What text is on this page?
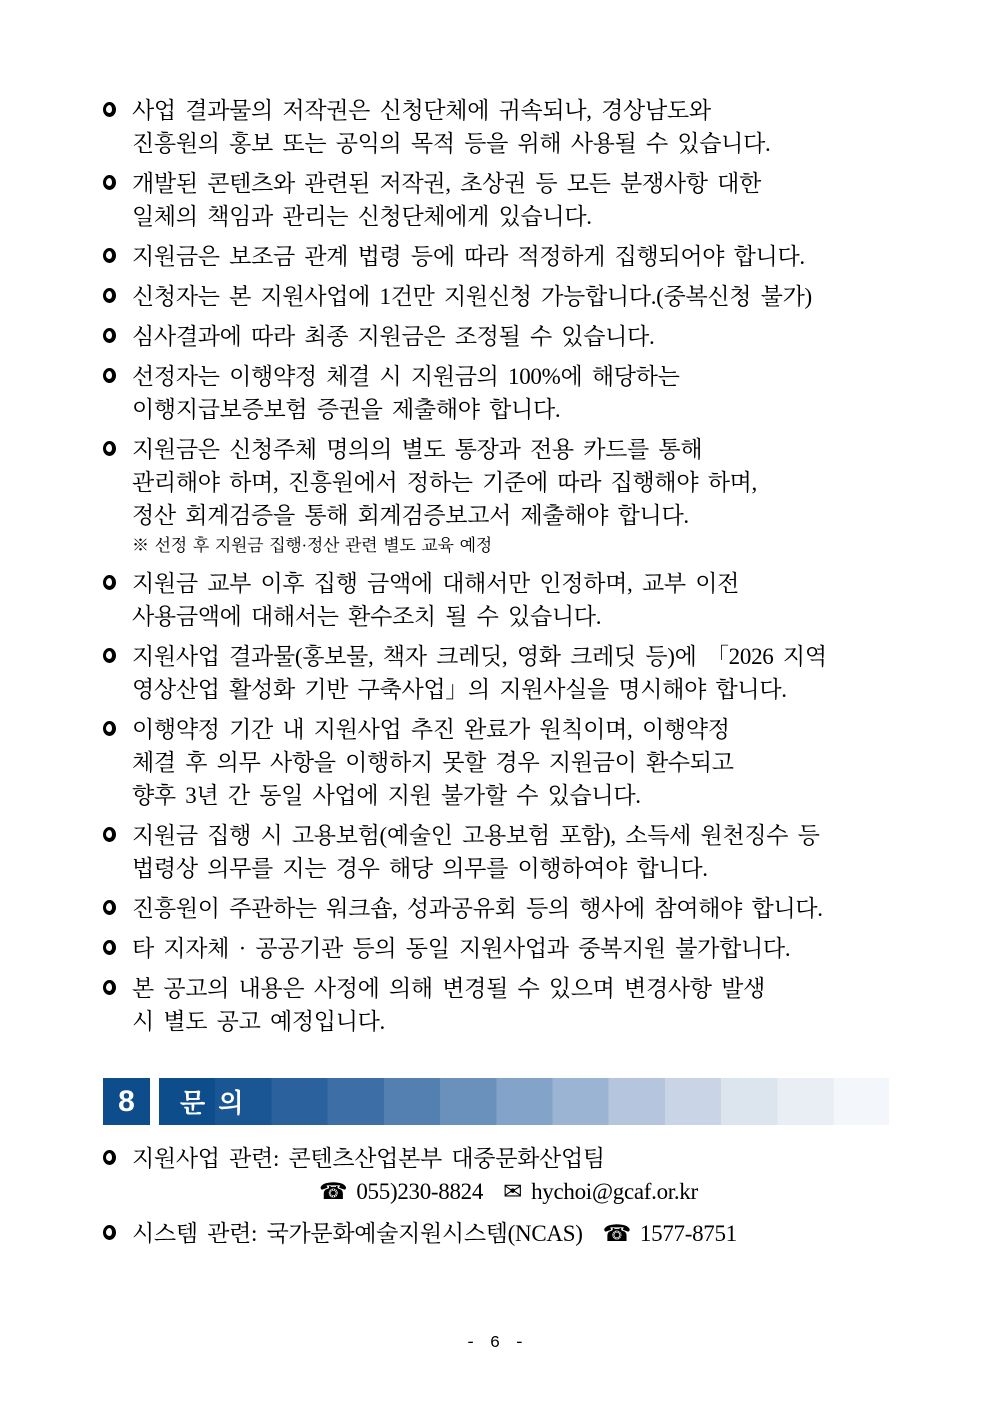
사업 결과물의 저작권은 신청단체에 귀속되나, 경상남도와
진흥원의 홍보 또는 공익의 목적 등을 위해 사용될 수 있습니다.
개발된 콘텐츠와 관련된 저작권, 초상권 등 모든 분쟁사항 대한
일체의 책임과 관리는 신청단체에게 있습니다.
지원금은 보조금 관계 법령 등에 따라 적정하게 집행되어야 합니다.
신청자는 본 지원사업에 1건만 지원신청 가능합니다.(중복신청 불가)
심사결과에 따라 최종 지원금은 조정될 수 있습니다.
선정자는 이행약정 체결 시 지원금의 100%에 해당하는
이행지급보증보험 증권을 제출해야 합니다.
지원금은 신청주체 명의의 별도 통장과 전용 카드를 통해
관리해야 하며, 진흥원에서 정하는 기준에 따라 집행해야 하며,
정산 회계검증을 통해 회계검증보고서 제출해야 합니다.
※ 선정 후 지원금 집행·정산 관련 별도 교육 예정
지원금 교부 이후 집행 금액에 대해서만 인정하며, 교부 이전
사용금액에 대해서는 환수조치 될 수 있습니다.
지원사업 결과물(홍보물, 책자 크레딧, 영화 크레딧 등)에 「2026 지역
영상산업 활성화 기반 구축사업」의 지원사실을 명시해야 합니다.
이행약정 기간 내 지원사업 추진 완료가 원칙이며, 이행약정
체결 후 의무 사항을 이행하지 못할 경우 지원금이 환수되고
향후 3년 간 동일 사업에 지원 불가할 수 있습니다.
지원금 집행 시 고용보험(예술인 고용보험 포함), 소득세 원천징수 등
법령상 의무를 지는 경우 해당 의무를 이행하여야 합니다.
진흥원이 주관하는 워크숍, 성과공유회 등의 행사에 참여해야 합니다.
타 지자체 · 공공기관 등의 동일 지원사업과 중복지원 불가합니다.
본 공고의 내용은 사정에 의해 변경될 수 있으며 변경사항 발생
시 별도 공고 예정입니다.
8	문 의
지원사업 관련: 콘텐츠산업본부 대중문화산업팀
☎ 055)230-8824 ✉ hychoi@gcaf.or.kr
시스템 관련: 국가문화예술지원시스템(NCAS) ☎ 1577-8751
- 6 -
